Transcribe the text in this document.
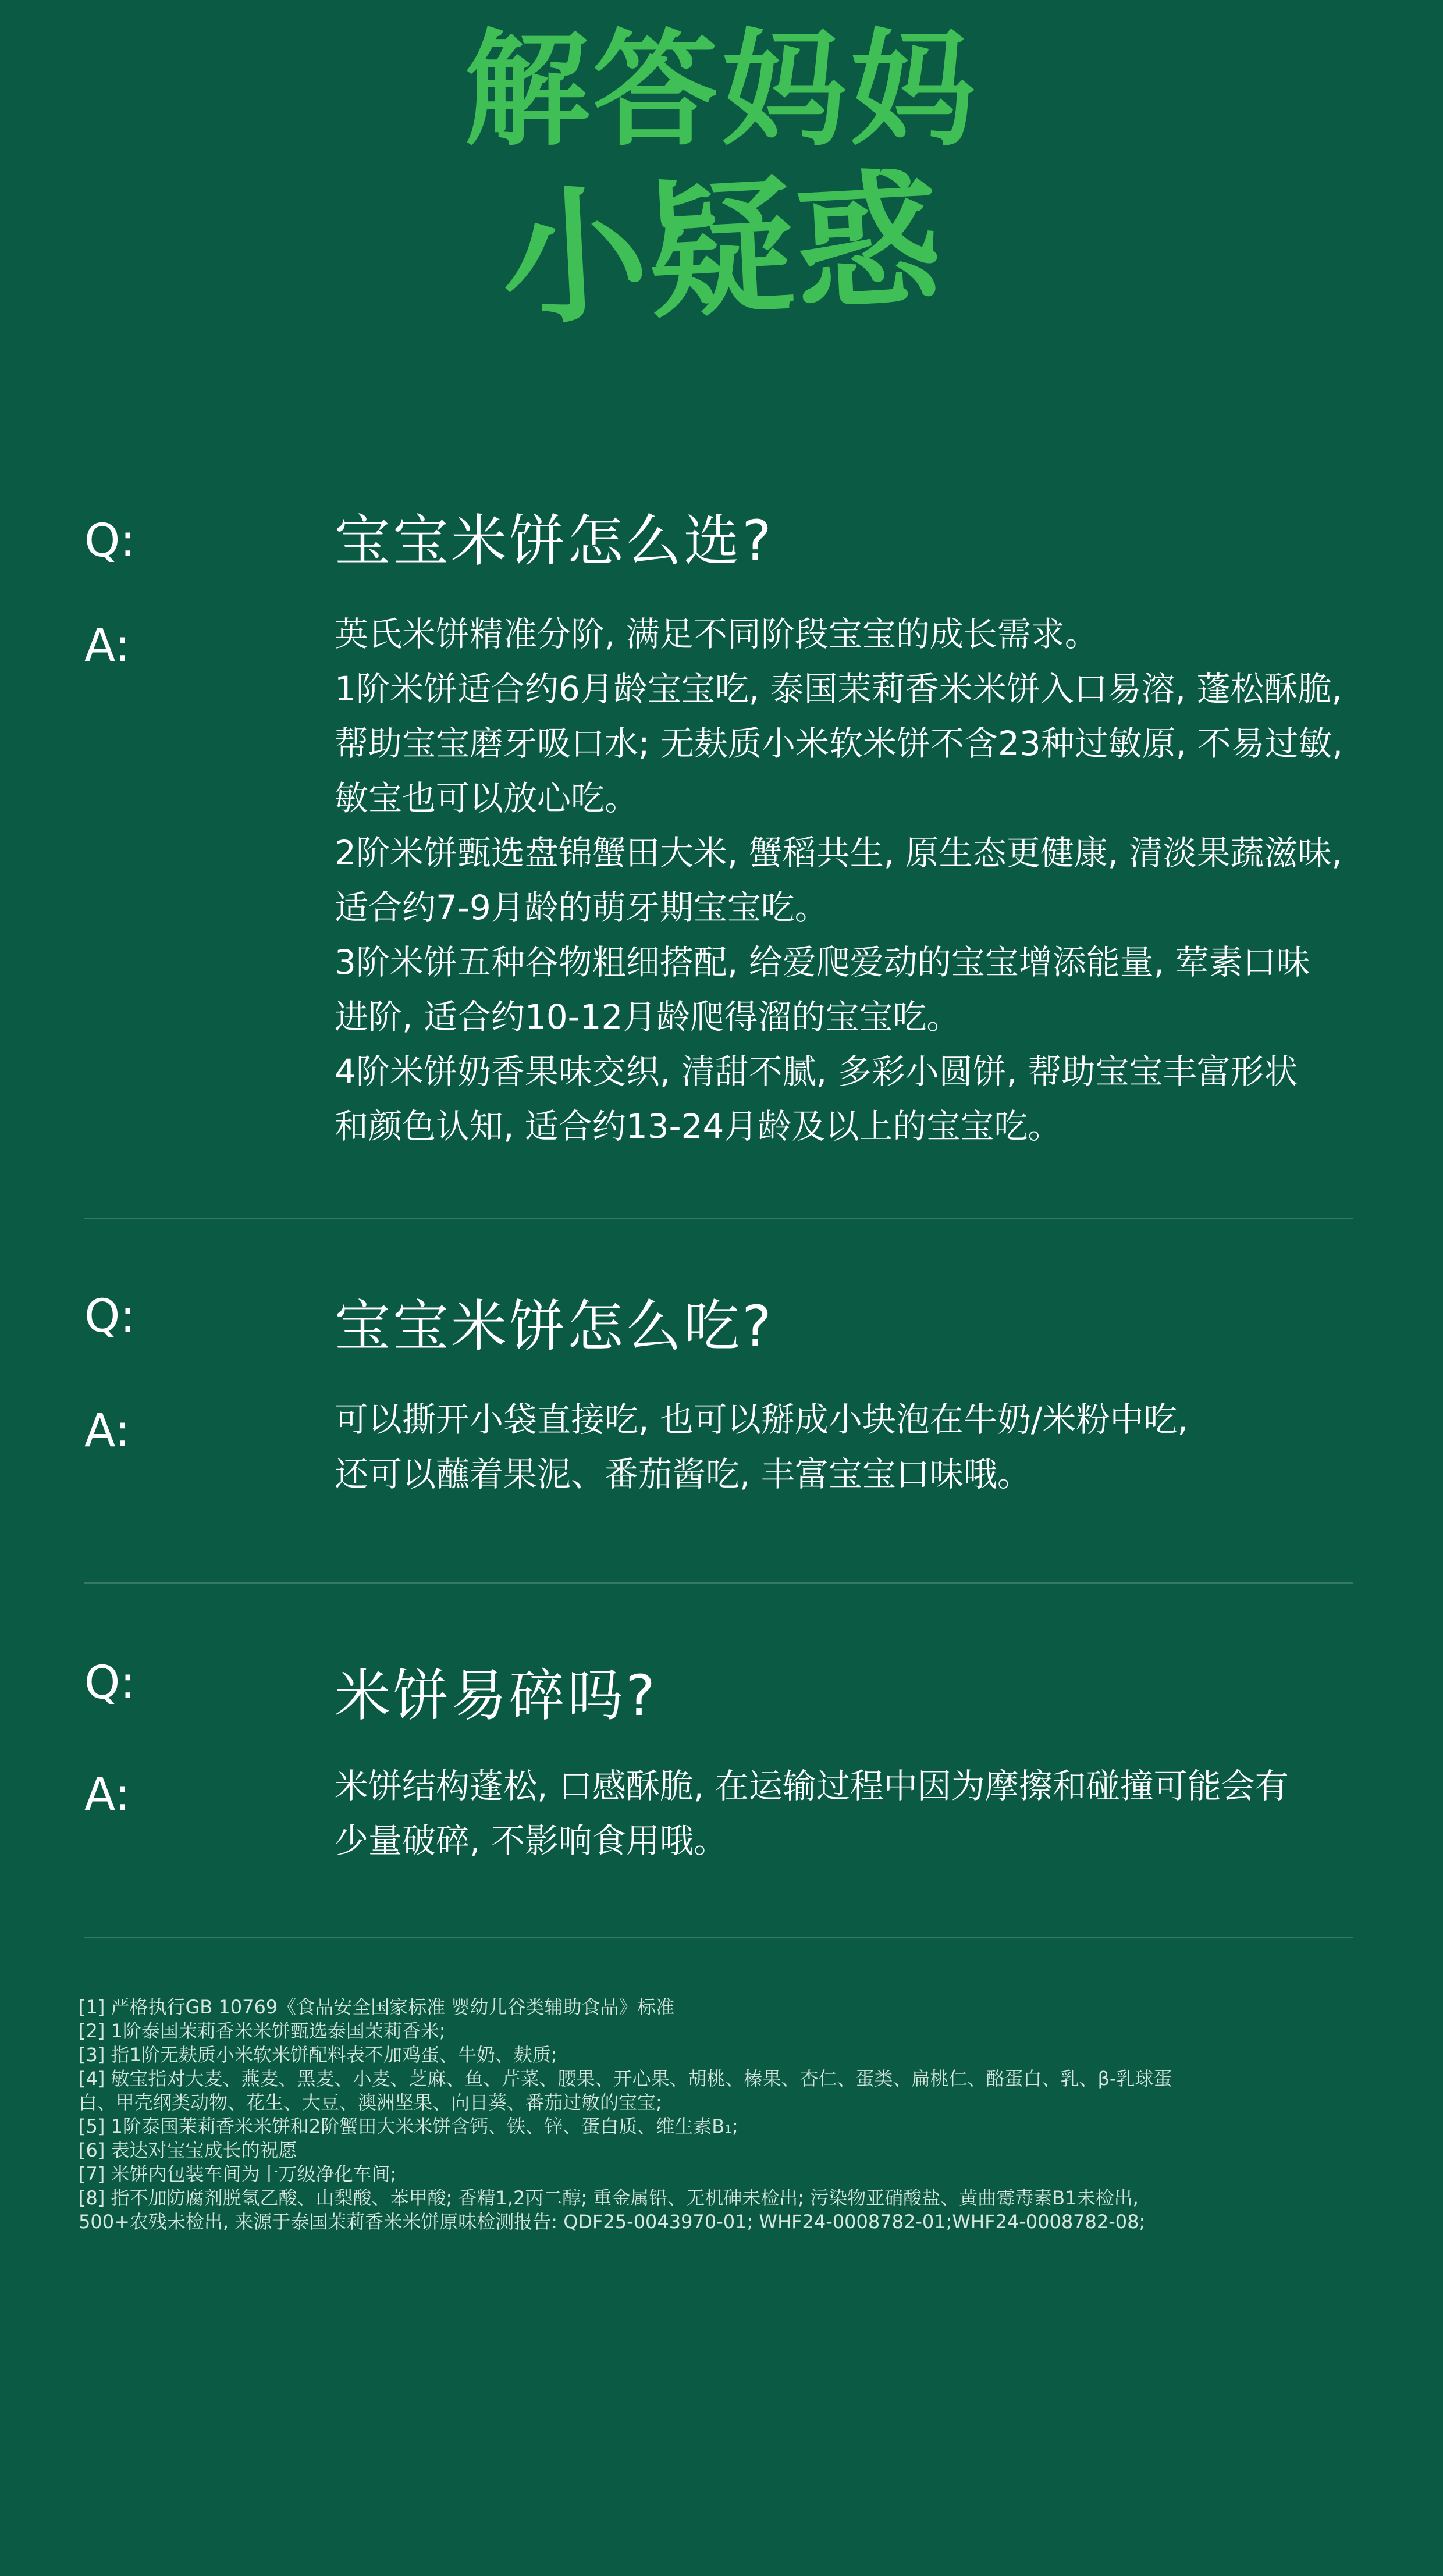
解答妈妈
小疑惑
Q:	宝宝米饼怎么选?
A:	英氏米饼精准分阶, 满足不同阶段宝宝的成长需求。
1阶米饼适合约6月龄宝宝吃, 泰国茉莉香米米饼入口易溶, 蓬松酥脆,
帮助宝宝磨牙吸口水; 无麸质小米软米饼不含23种过敏原, 不易过敏,
敏宝也可以放心吃。
2阶米饼甄选盘锦蟹田大米, 蟹稻共生, 原生态更健康, 清淡果蔬滋味,
适合约7-9月龄的萌牙期宝宝吃。
3阶米饼五种谷物粗细搭配, 给爱爬爱动的宝宝增添能量, 荤素口味
进阶, 适合约10-12月龄爬得溜的宝宝吃。
4阶米饼奶香果味交织, 清甜不腻, 多彩小圆饼, 帮助宝宝丰富形状
和颜色认知, 适合约13-24月龄及以上的宝宝吃。
Q:	宝宝米饼怎么吃?
A:	可以撕开小袋直接吃, 也可以掰成小块泡在牛奶/米粉中吃,
还可以蘸着果泥、番茄酱吃, 丰富宝宝口味哦。
Q:	米饼易碎吗?
A:	米饼结构蓬松, 口感酥脆, 在运输过程中因为摩擦和碰撞可能会有
少量破碎, 不影响食用哦。
[1] 严格执行GB 10769《食品安全国家标准 婴幼儿谷类辅助食品》标准
[2] 1阶泰国茉莉香米米饼甄选泰国茉莉香米;
[3] 指1阶无麸质小米软米饼配料表不加鸡蛋、牛奶、麸质;
[4] 敏宝指对大麦、燕麦、黑麦、小麦、芝麻、鱼、芹菜、腰果、开心果、胡桃、榛果、杏仁、蛋类、扁桃仁、酪蛋白、乳、β-乳球蛋
白、甲壳纲类动物、花生、大豆、澳洲坚果、向日葵、番茄过敏的宝宝;
[5] 1阶泰国茉莉香米米饼和2阶蟹田大米米饼含钙、铁、锌、蛋白质、维生素B₁;
[6] 表达对宝宝成长的祝愿
[7] 米饼内包装车间为十万级净化车间;
[8] 指不加防腐剂脱氢乙酸、山梨酸、苯甲酸; 香精1,2丙二醇; 重金属铅、无机砷未检出; 污染物亚硝酸盐、黄曲霉毒素B1未检出,
500+农残未检出, 来源于泰国茉莉香米米饼原味检测报告: QDF25-0043970-01; WHF24-0008782-01;WHF24-0008782-08;
